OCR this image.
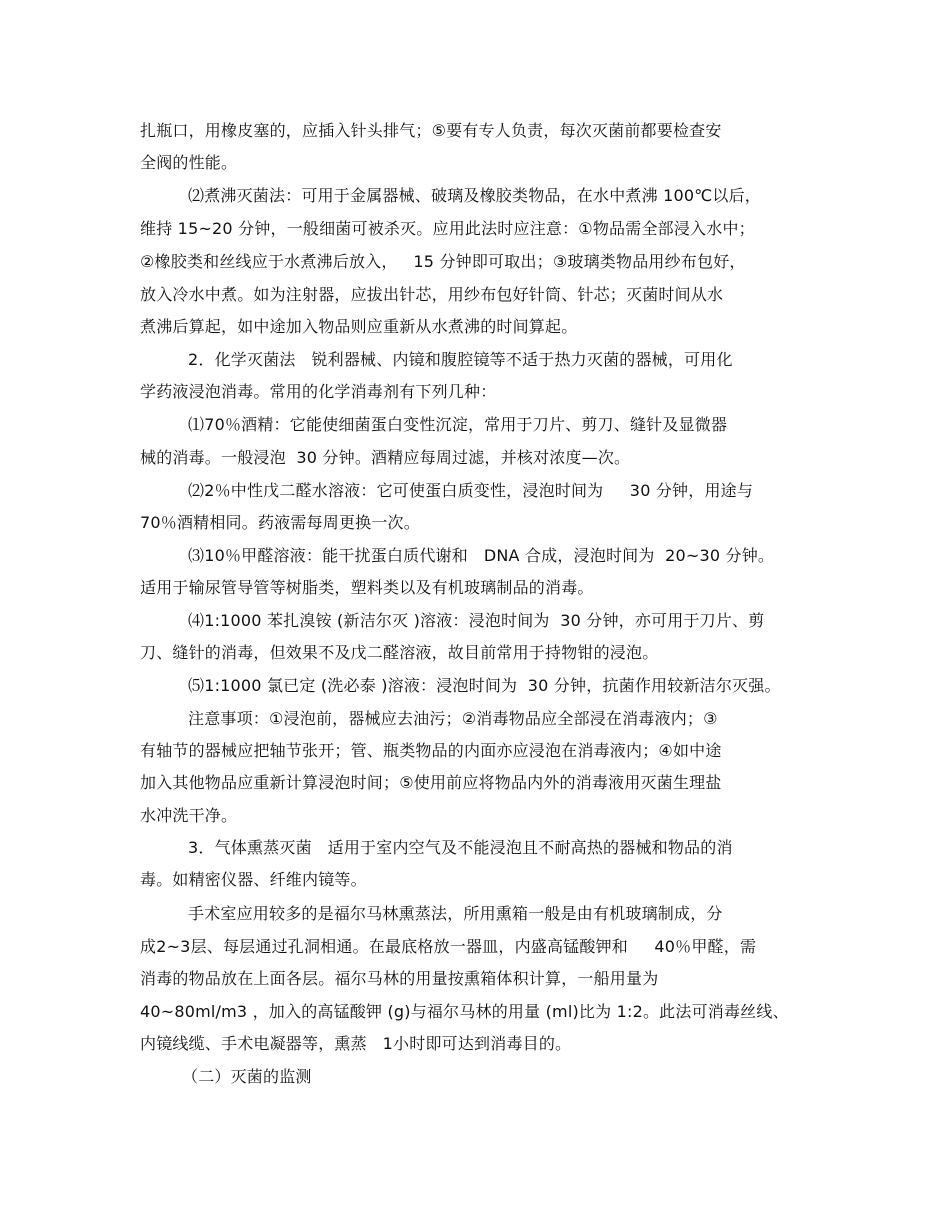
扎瓶口，用橡皮塞的，应插入针头排气；⑤要有专人负责，每次灭菌前都要检查安
全阀的性能。
⑵煮沸灭菌法：可用于金属器械、破璃及橡胶类物品，在水中煮沸 100℃以后，
维持 15~20 分钟，一般细菌可被杀灭。应用此法时应注意：①物品需全部浸入水中；
②橡胶类和丝线应于水煮沸后放入，   15 分钟即可取出；③玻璃类物品用纱布包好，
放入冷水中煮。如为注射器，应拔出针芯，用纱布包好针筒、针芯；灭菌时间从水
煮沸后算起，如中途加入物品则应重新从水煮沸的时间算起。
2．化学灭菌法   锐利器械、内镜和腹腔镜等不适于热力灭菌的器械，可用化
学药液浸泡消毒。常用的化学消毒剂有下列几种：
⑴70％酒精：它能使细菌蛋白变性沉淀，常用于刀片、剪刀、缝针及显微器
械的消毒。一般浸泡  30 分钟。酒精应每周过滤，并核对浓度—次。
⑵2％中性戊二醛水溶液：它可使蛋白质变性，浸泡时间为     30 分钟，用途与
70％酒精相同。药液需每周更换一次。
⑶10％甲醛溶液：能干扰蛋白质代谢和   DNA 合成，浸泡时间为  20~30 分钟。
适用于输尿管导管等树脂类，塑料类以及有机玻璃制品的消毒。
⑷1:1000 苯扎溴铵 (新洁尔灭 )溶液：浸泡时间为  30 分钟，亦可用于刀片、剪
刀、缝针的消毒，但效果不及戊二醛溶液，故目前常用于持物钳的浸泡。
⑸1:1000 氯已定 (洗必泰 )溶液：浸泡时间为  30 分钟，抗菌作用较新洁尔灭强。
注意事项：①浸泡前，器械应去油污；②消毒物品应全部浸在消毒液内；③
有轴节的器械应把轴节张开；管、瓶类物品的内面亦应浸泡在消毒液内；④如中途
加入其他物品应重新计算浸泡时间；⑤使用前应将物品内外的消毒液用灭菌生理盐
水冲洗干净。
3．气体熏蒸灭菌   适用于室内空气及不能浸泡且不耐高热的器械和物品的消
毒。如精密仪器、纤维内镜等。
手术室应用较多的是福尔马林熏蒸法，所用熏箱一般是由有机玻璃制成，分
成2~3层、每层通过孔洞相通。在最底格放一器皿，内盛高锰酸钾和     40％甲醛，需
消毒的物品放在上面各层。福尔马林的用量按熏箱体积计算，一船用量为
40~80ml/m3 ，加入的高锰酸钾 (g)与福尔马林的用量 (ml)比为 1:2。此法可消毒丝线、
内镜线缆、手术电凝器等，熏蒸   1小时即可达到消毒目的。
（二）灭菌的监测
